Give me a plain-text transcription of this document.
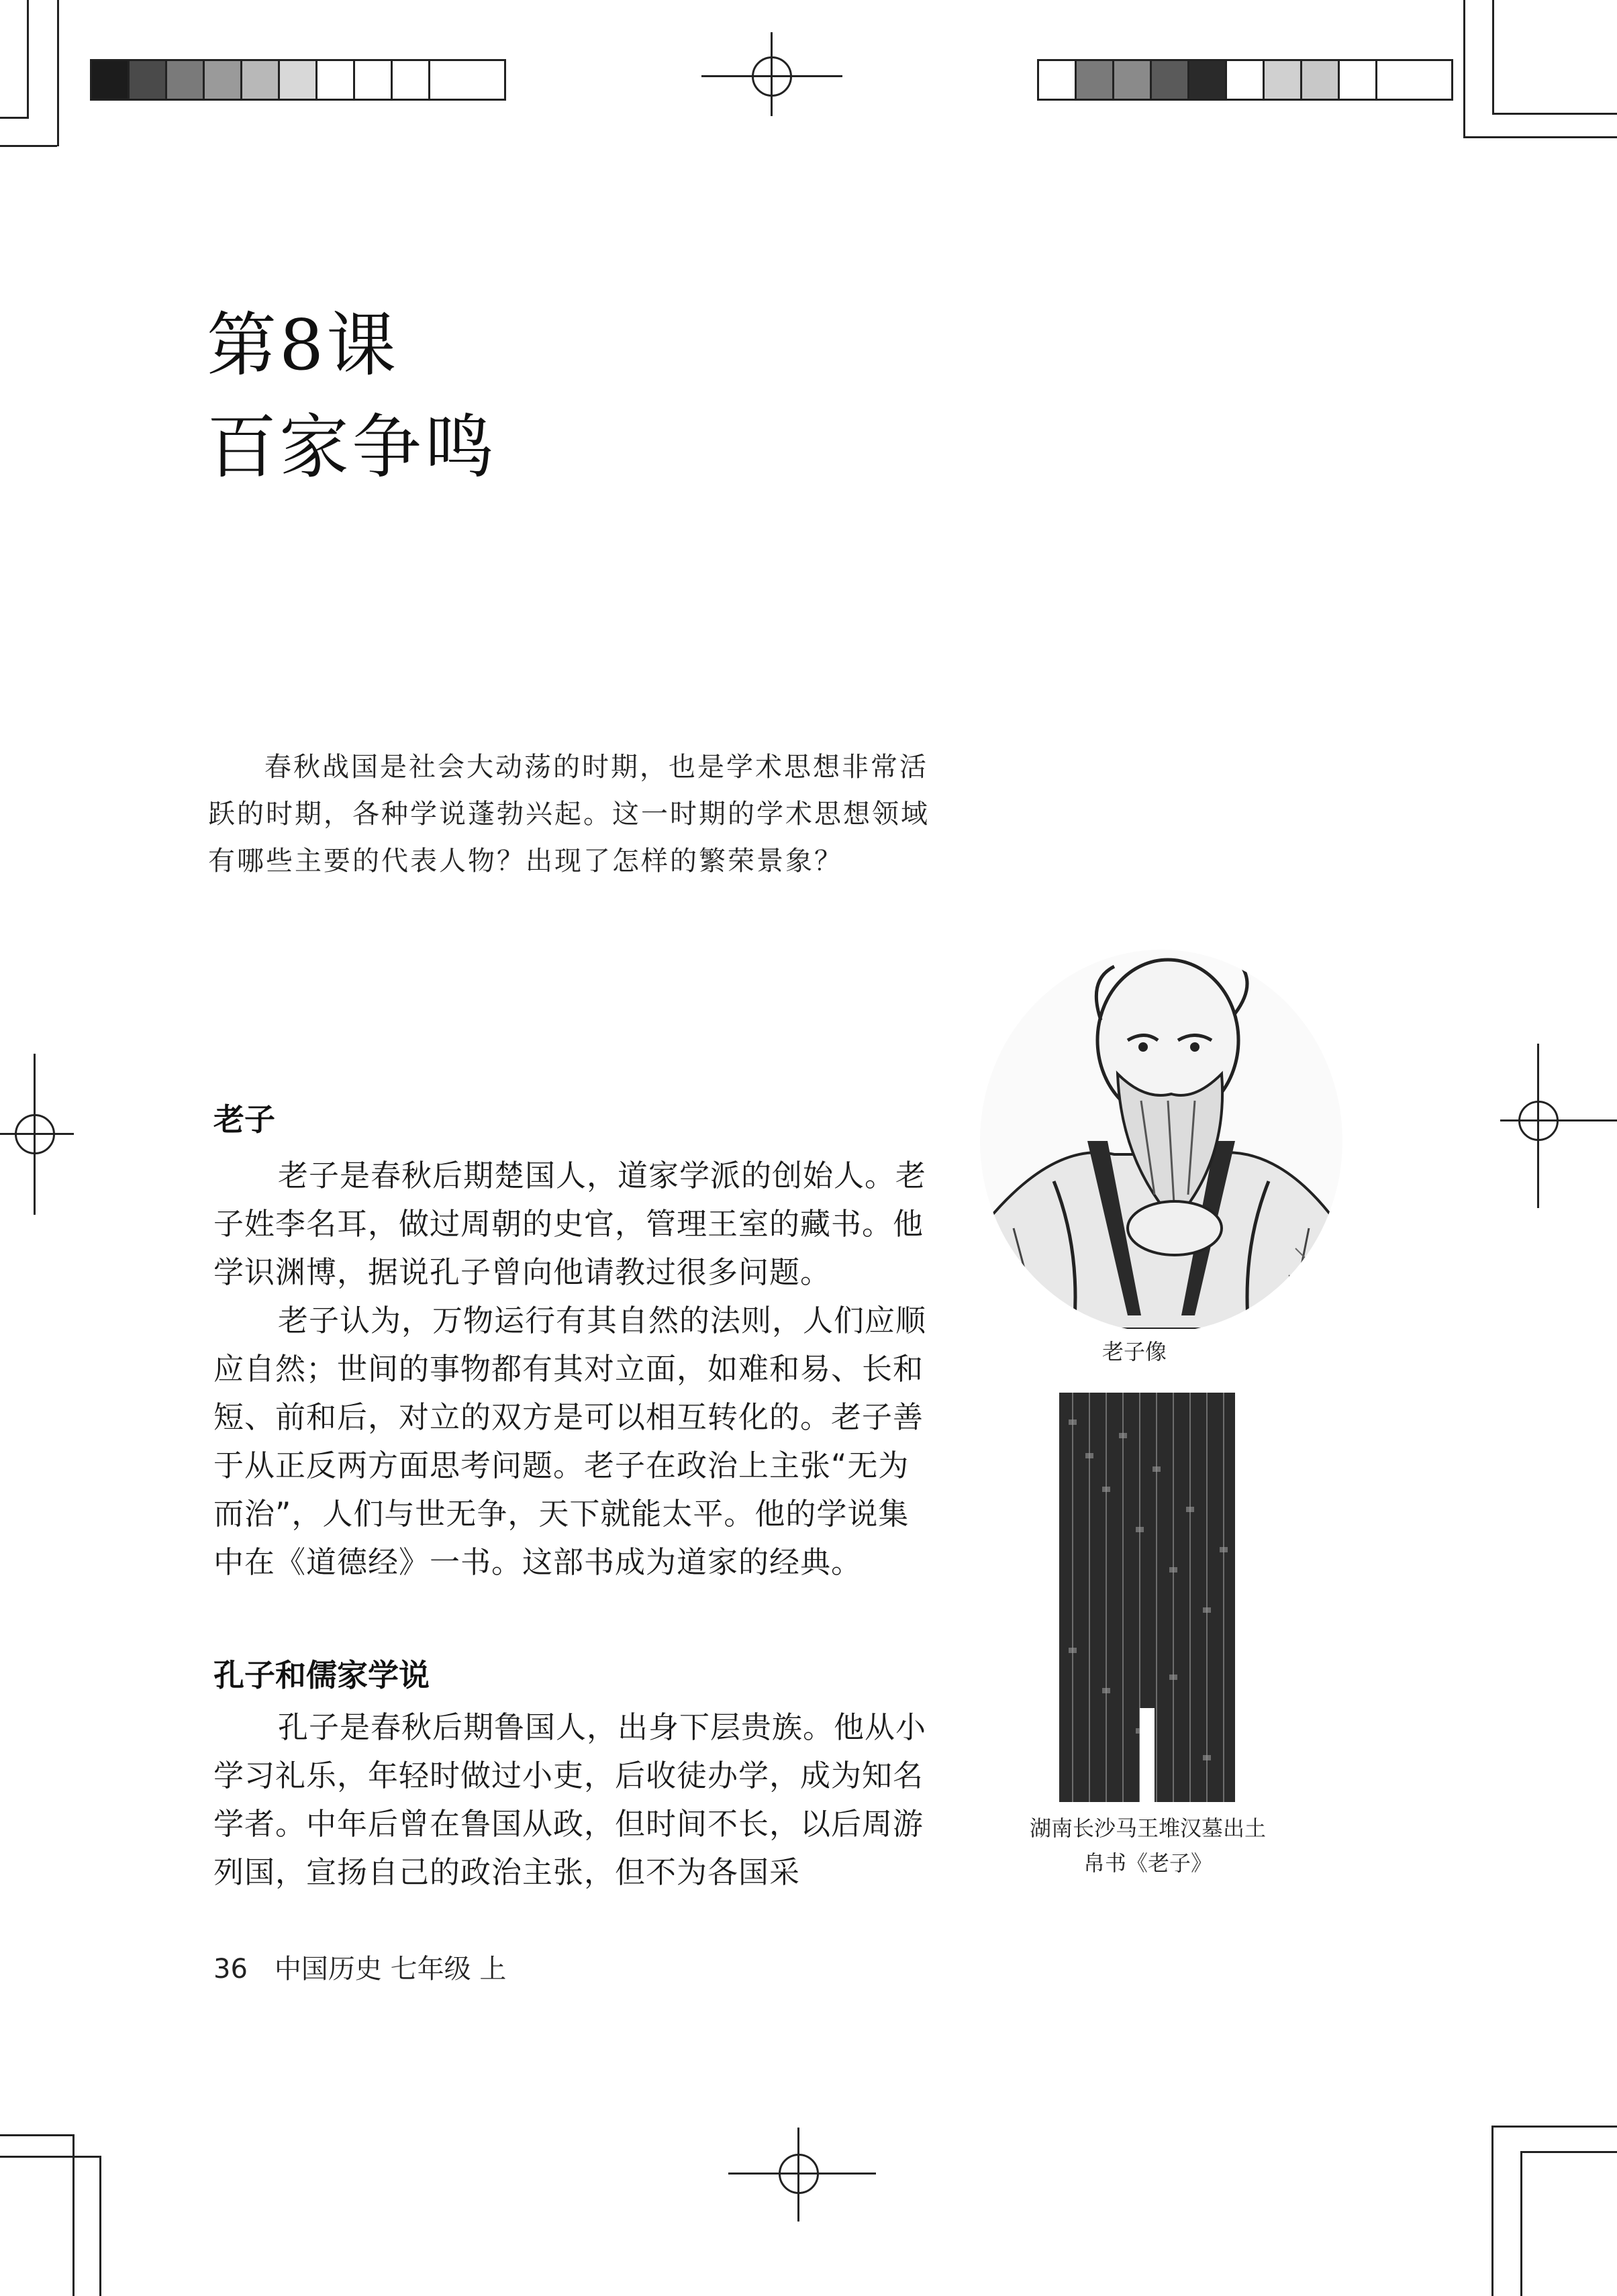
第8课
百家争鸣

春秋战国是社会大动荡的时期，也是学术思想非常活跃的时期，各种学说蓬勃兴起。这一时期的学术思想领域有哪些主要的代表人物？出现了怎样的繁荣景象？

老子

老子是春秋后期楚国人，道家学派的创始人。老子姓李名耳，做过周朝的史官，管理王室的藏书。他学识渊博，据说孔子曾向他请教过很多问题。

老子认为，万物运行有其自然的法则，人们应顺应自然；世间的事物都有其对立面，如难和易、长和短、前和后，对立的双方是可以相互转化的。老子善于从正反两方面思考问题。老子在政治上主张“无为而治”，人们与世无争，天下就能太平。他的学说集中在《道德经》一书。这部书成为道家的经典。

孔子和儒家学说

孔子是春秋后期鲁国人，出身下层贵族。他从小学习礼乐，年轻时做过小吏，后收徒办学，成为知名学者。中年后曾在鲁国从政，但时间不长，以后周游列国，宣扬自己的政治主张，但不为各国采

老子像
湖南长沙马王堆汉墓出土
帛书《老子》
36 中国历史 七年级 上
